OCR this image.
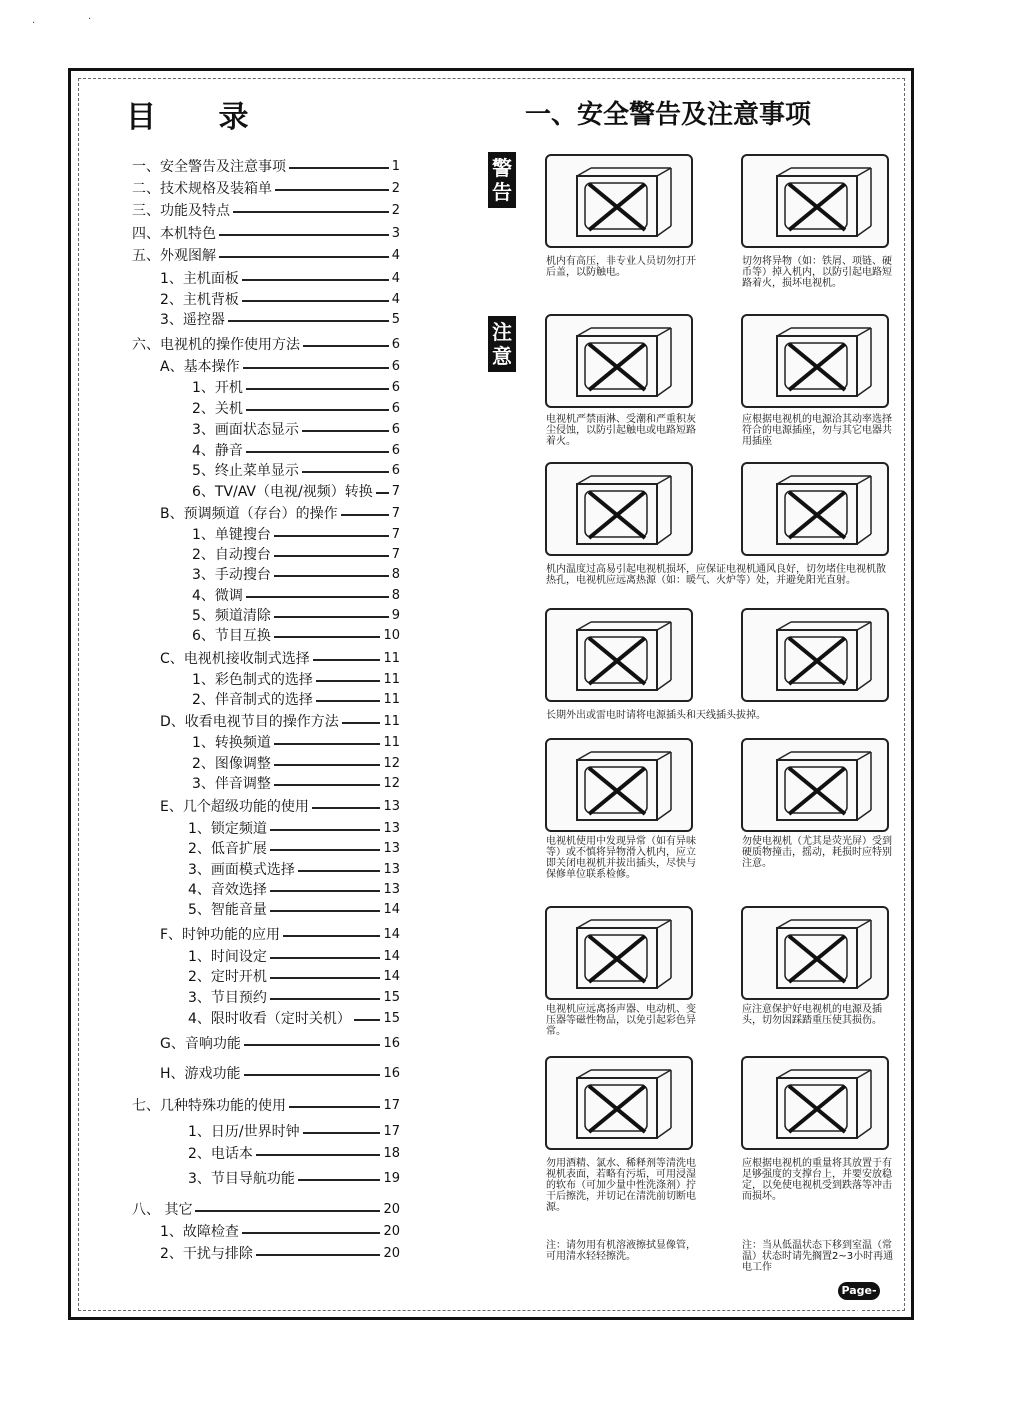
·	·
目 录	一、安全警告及注意事项
一、安全警告及注意事项	1
二、技术规格及装箱单	2
三、功能及特点	2
四、本机特色	3
五、外观图解	4
1、主机面板	4
2、主机背板	4
3、遥控器	5
六、电视机的操作使用方法	6
A、基本操作	6
1、开机	6
2、关机	6
3、画面状态显示	6
4、静音	6
5、终止菜单显示	6
6、TV/AV（电视/视频）转换 7
B、预调频道（存台）的操作	7
1、单键搜台	7
2、自动搜台	7
3、手动搜台	8
4、微调	8
5、频道清除	9
6、节目互换	10
C、电视机接收制式选择	11
1、彩色制式的选择	11
2、伴音制式的选择	11
D、收看电视节目的操作方法	11
1、转换频道	11
2、图像调整	12
3、伴音调整	12
E、几个超级功能的使用	13
1、锁定频道	13
2、低音扩展	13
3、画面模式选择	13
4、音效选择	13
5、智能音量	14
F、时钟功能的应用	14
1、时间设定	14
2、定时开机	14
3、节目预约	15
4、限时收看（定时关机）	15
G、音响功能	16
H、游戏功能	16
七、几种特殊功能的使用	17
1、日历/世界时钟	17
2、电话本	18
3、节目导航功能	19
八、 其它	20
1、故障检查	20
2、干扰与排除	20
警告
注意
机内有高压，非专业人员切勿打开后盖，以防触电。
切勿将异物（如：铁屑、项链、硬币等）掉入机内，以防引起电路短路着火，损坏电视机。
电视机严禁雨淋、受潮和严重积灰尘侵蚀，以防引起触电或电路短路着火。
应根据电视机的电源洽其动率选择符合的电源插座，勿与其它电器共用插座
机内温度过高易引起电视机损坏，应保证电视机通风良好，切勿堵住电视机散热孔，电视机应远离热源（如：暖气、火炉等）处，并避免阳光直射。
长期外出或雷电时请将电源插头和天线插头拔掉。
电视机使用中发现异常（如有异味等）或不慎将异物滑入机内，应立即关闭电视机并拔出插头，尽快与保修单位联系检修。
勿使电视机（尤其是荧光屏）受到硬质物撞击，摇动，耗损时应特别注意。
电视机应远离扬声器、电动机、变压器等磁性物品，以免引起彩色异常。
应注意保护好电视机的电源及插头，切勿因踩踏重压使其损伤。
勿用酒精、氯水、稀释剂等清洗电视机表面，若略有污垢，可用浸湿的软布（可加少量中性洗涤剂）拧干后擦洗，并切记在清洗前切断电源。
应根据电视机的重量将其放置于有足够强度的支撑台上，并要安放稳定，以免使电视机受到跌落等冲击而损坏。
注：请勿用有机溶液擦拭显像管，可用清水轻轻擦洗。
注：当从低温状态下移到室温（常温）状态时请先搁置2~3小时再通电工作
Page-1
